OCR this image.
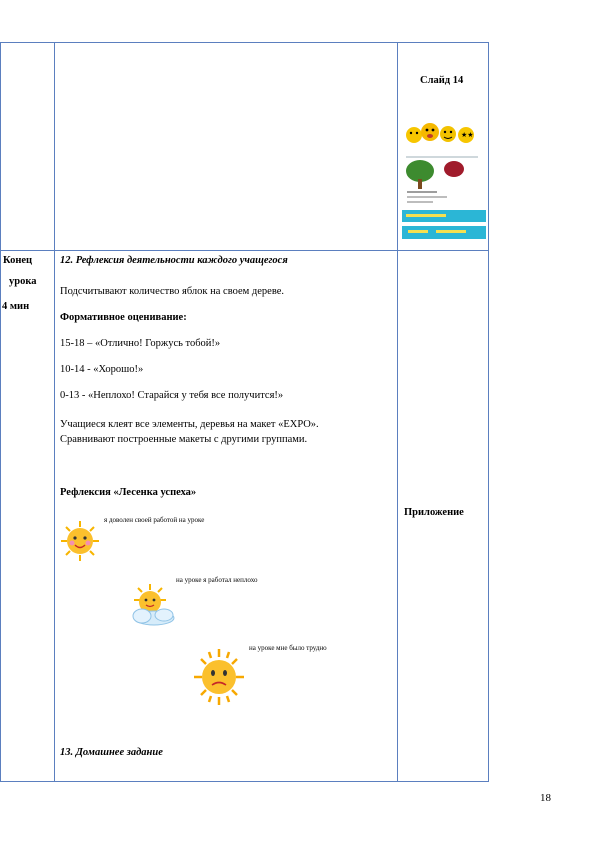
Слайд 14
★★
Конец
урока
4 мин
12. Рефлексия деятельности каждого учащегося
Подсчитывают количество яблок на своем дереве.
Формативное оценивание:
15-18 – «Отлично! Горжусь тобой!»
10-14 - «Хорошо!»
0-13 - «Неплохо! Старайся у тебя все получится!»
Учащиеся клеят все элементы, деревья на макет «EXPO».
Сравнивают построенные макеты с другими группами.
Рефлексия «Лесенка успеха»
я доволен своей работой на уроке
на уроке я работал неплохо
на уроке мне было трудно
13. Домашнее задание
Приложение
18
